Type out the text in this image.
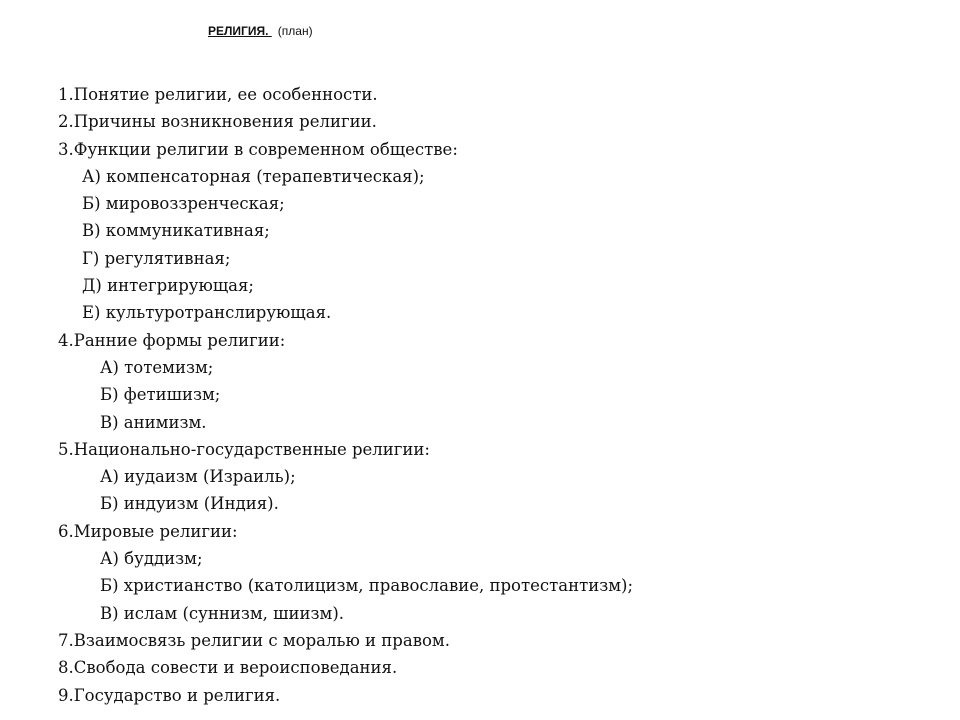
РЕЛИГИЯ. (план)
1.Понятие религии, ее особенности.
2.Причины возникновения религии.
3.Функции религии в современном обществе:
А) компенсаторная (терапевтическая);
Б) мировоззренческая;
В) коммуникативная;
Г) регулятивная;
Д) интегрирующая;
Е) культуротранслирующая.
4.Ранние формы религии:
А) тотемизм;
Б) фетишизм;
В) анимизм.
5.Национально-государственные религии:
А) иудаизм (Израиль);
Б) индуизм (Индия).
6.Мировые религии:
А) буддизм;
Б) христианство (католицизм, православие, протестантизм);
В) ислам (суннизм, шиизм).
7.Взаимосвязь религии с моралью и правом.
8.Свобода совести и вероисповедания.
9.Государство и религия.
